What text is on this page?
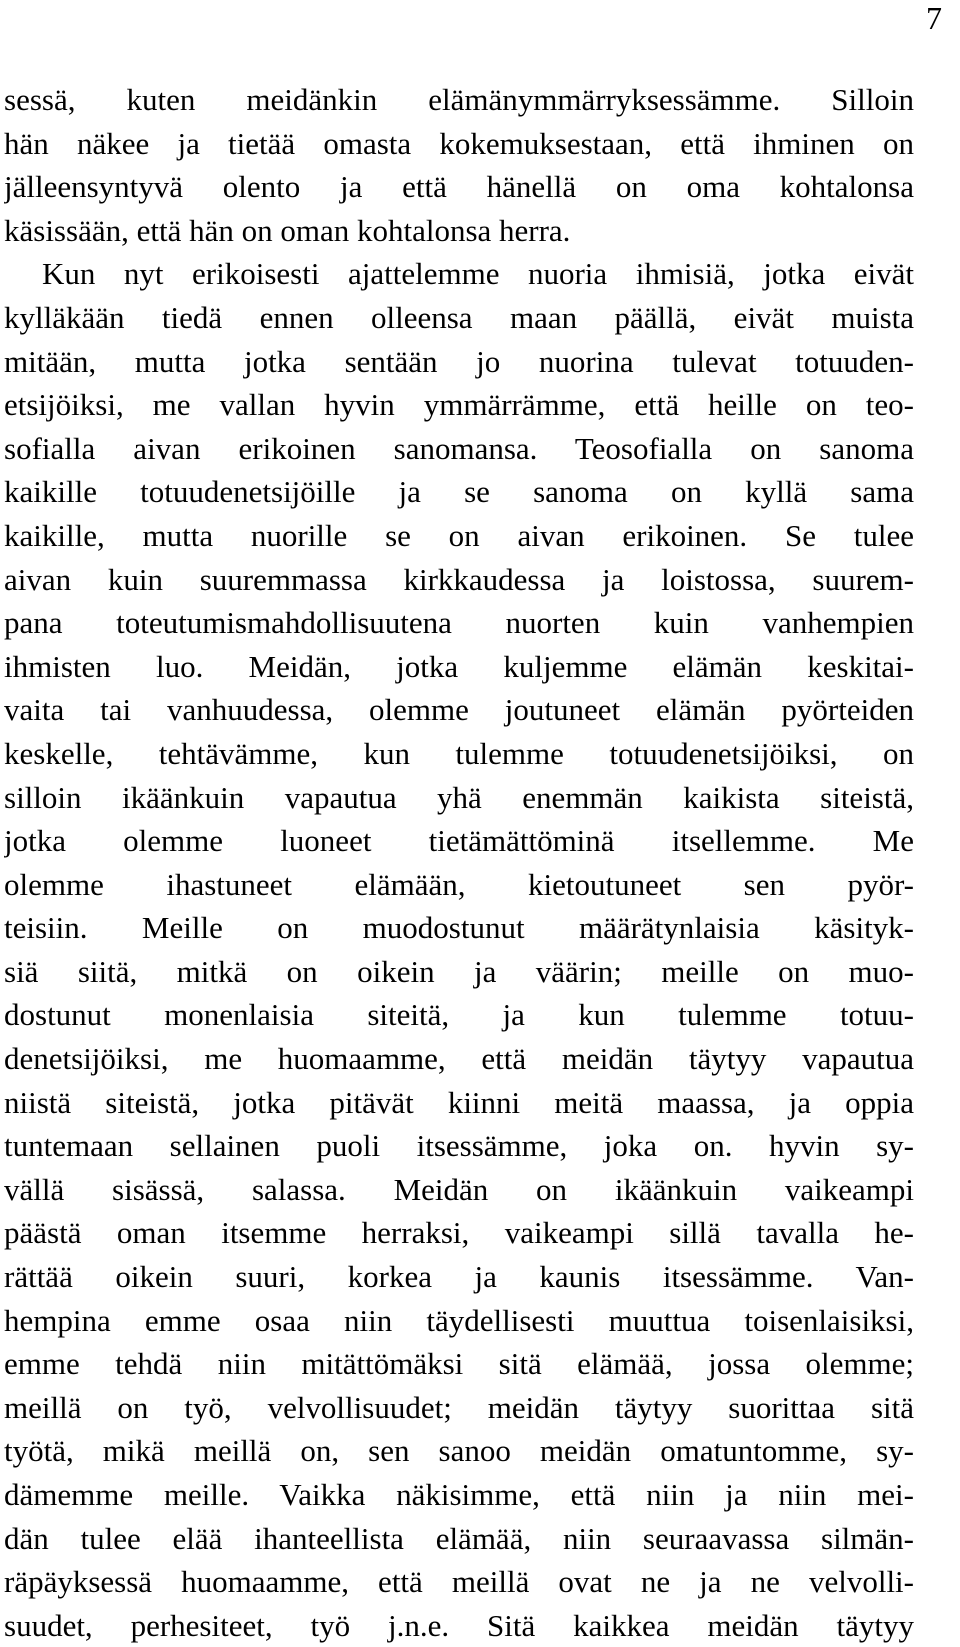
7
sessä, kuten meidänkin elämänymmärryksessämme. Silloin
hän näkee ja tietää omasta kokemuksestaan, että ihminen on
jälleensyntyvä olento ja että hänellä on oma kohtalonsa
käsissään, että hän on oman kohtalonsa herra.
Kun nyt erikoisesti ajattelemme nuoria ihmisiä, jotka eivät
kylläkään tiedä ennen olleensa maan päällä, eivät muista
mitään, mutta jotka sentään jo nuorina tulevat totuuden-
etsijöiksi, me vallan hyvin ymmärrämme, että heille on teo-
sofialla aivan erikoinen sanomansa. Teosofialla on sanoma
kaikille totuudenetsijöille ja se sanoma on kyllä sama
kaikille, mutta nuorille se on aivan erikoinen. Se tulee
aivan kuin suuremmassa kirkkaudessa ja loistossa, suurem-
pana toteutumismahdollisuutena nuorten kuin vanhempien
ihmisten luo. Meidän, jotka kuljemme elämän keskitai-
vaita tai vanhuudessa, olemme joutuneet elämän pyörteiden
keskelle, tehtävämme, kun tulemme totuudenetsijöiksi, on
silloin ikäänkuin vapautua yhä enemmän kaikista siteistä,
jotka olemme luoneet tietämättöminä itsellemme. Me
olemme ihastuneet elämään, kietoutuneet sen pyör-
teisiin. Meille on muodostunut määrätynlaisia käsityk-
siä siitä, mitkä on oikein ja väärin; meille on muo-
dostunut monenlaisia siteitä, ja kun tulemme totuu-
denetsijöiksi, me huomaamme, että meidän täytyy vapautua
niistä siteistä, jotka pitävät kiinni meitä maassa, ja oppia
tuntemaan sellainen puoli itsessämme, joka on. hyvin sy-
vällä sisässä, salassa. Meidän on ikäänkuin vaikeampi
päästä oman itsemme herraksi, vaikeampi sillä tavalla he-
rättää oikein suuri, korkea ja kaunis itsessämme. Van-
hempina emme osaa niin täydellisesti muuttua toisenlaisiksi,
emme tehdä niin mitättömäksi sitä elämää, jossa olemme;
meillä on työ, velvollisuudet; meidän täytyy suorittaa sitä
työtä, mikä meillä on, sen sanoo meidän omatuntomme, sy-
dämemme meille. Vaikka näkisimme, että niin ja niin mei-
dän tulee elää ihanteellista elämää, niin seuraavassa silmän-
räpäyksessä huomaamme, että meillä ovat ne ja ne velvolli-
suudet, perhesiteet, työ j.n.e. Sitä kaikkea meidän täytyy
